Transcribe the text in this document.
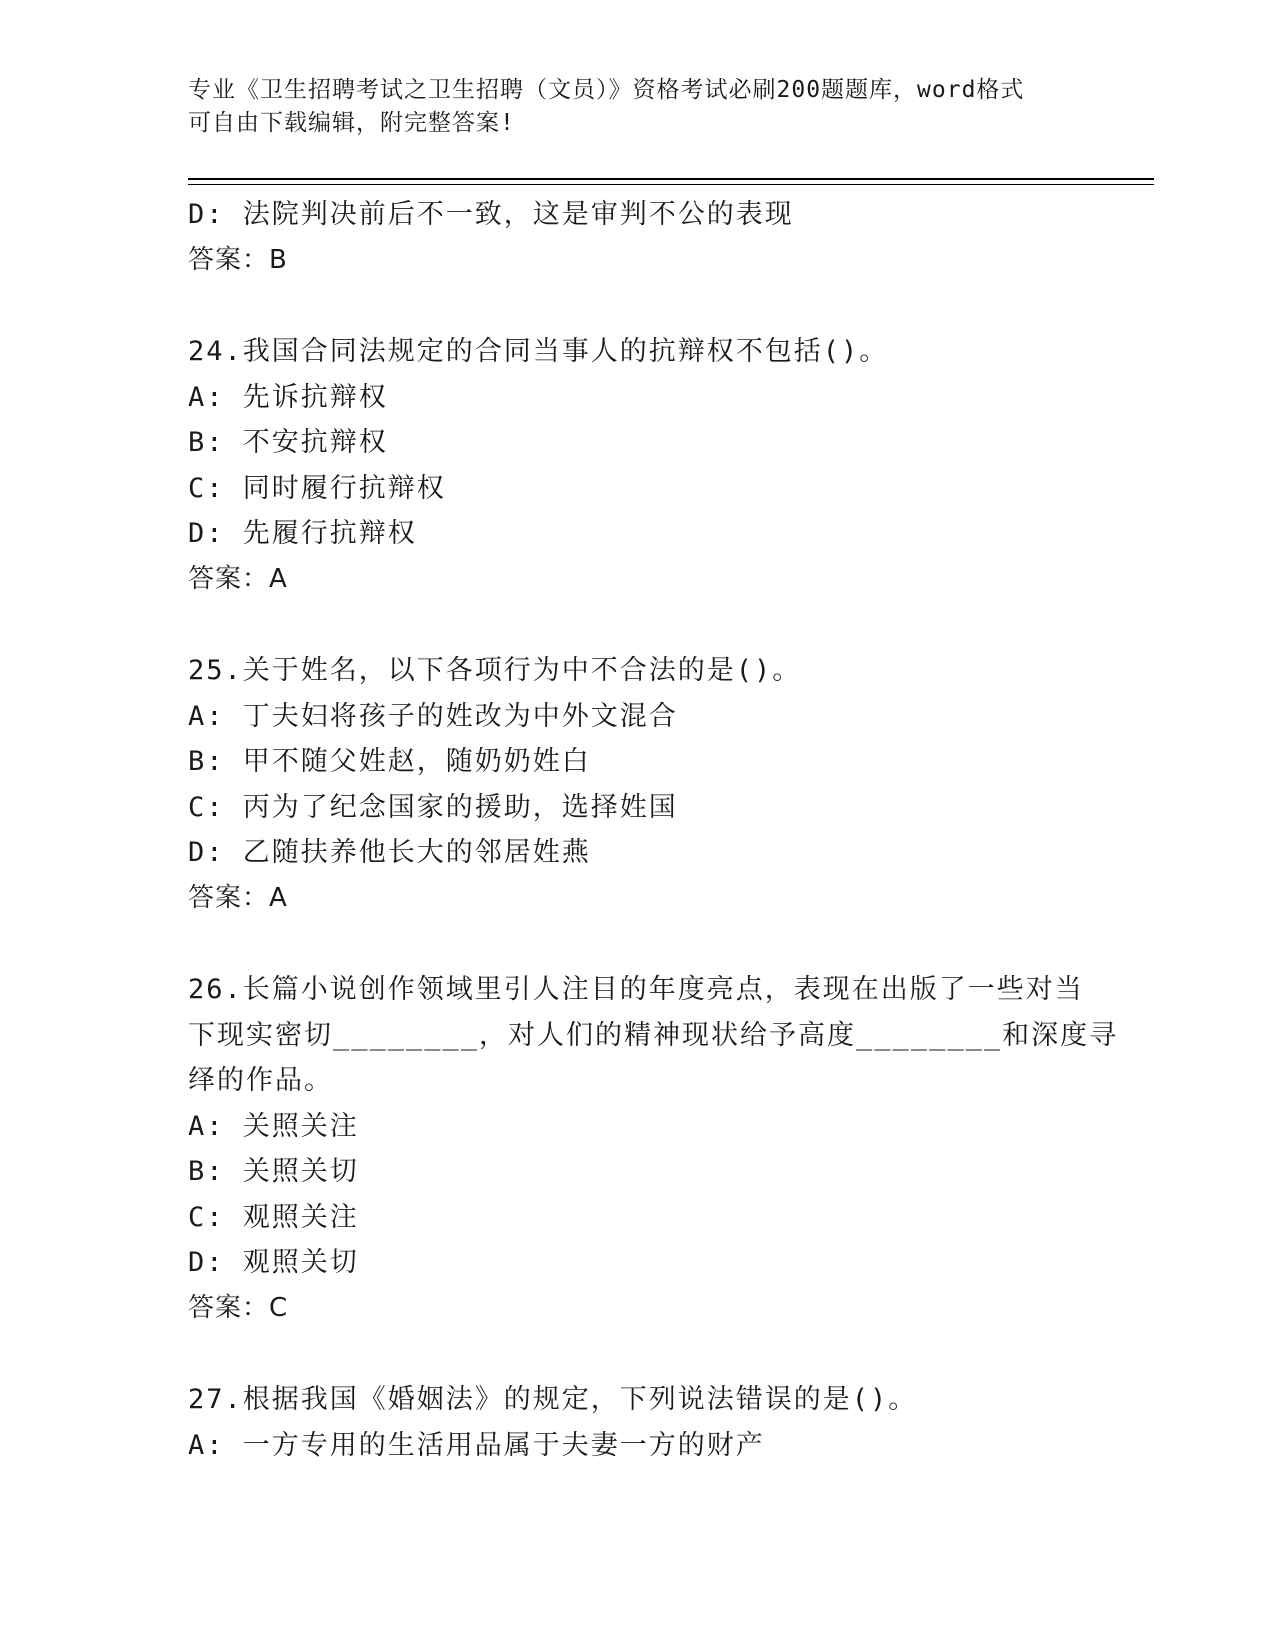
专业《卫生招聘考试之卫生招聘（文员）》资格考试必刷200题题库，word格式
可自由下载编辑，附完整答案!
D: 法院判决前后不一致，这是审判不公的表现
答案：B
24.我国合同法规定的合同当事人的抗辩权不包括()。
A: 先诉抗辩权
B: 不安抗辩权
C: 同时履行抗辩权
D: 先履行抗辩权
答案：A
25.关于姓名，以下各项行为中不合法的是()。
A: 丁夫妇将孩子的姓改为中外文混合
B: 甲不随父姓赵，随奶奶姓白
C: 丙为了纪念国家的援助，选择姓国
D: 乙随扶养他长大的邻居姓燕
答案：A
26.长篇小说创作领域里引人注目的年度亮点，表现在出版了一些对当
下现实密切________，对人们的精神现状给予高度________和深度寻
绎的作品。
A: 关照关注
B: 关照关切
C: 观照关注
D: 观照关切
答案：C
27.根据我国《婚姻法》的规定，下列说法错误的是()。
A: 一方专用的生活用品属于夫妻一方的财产
